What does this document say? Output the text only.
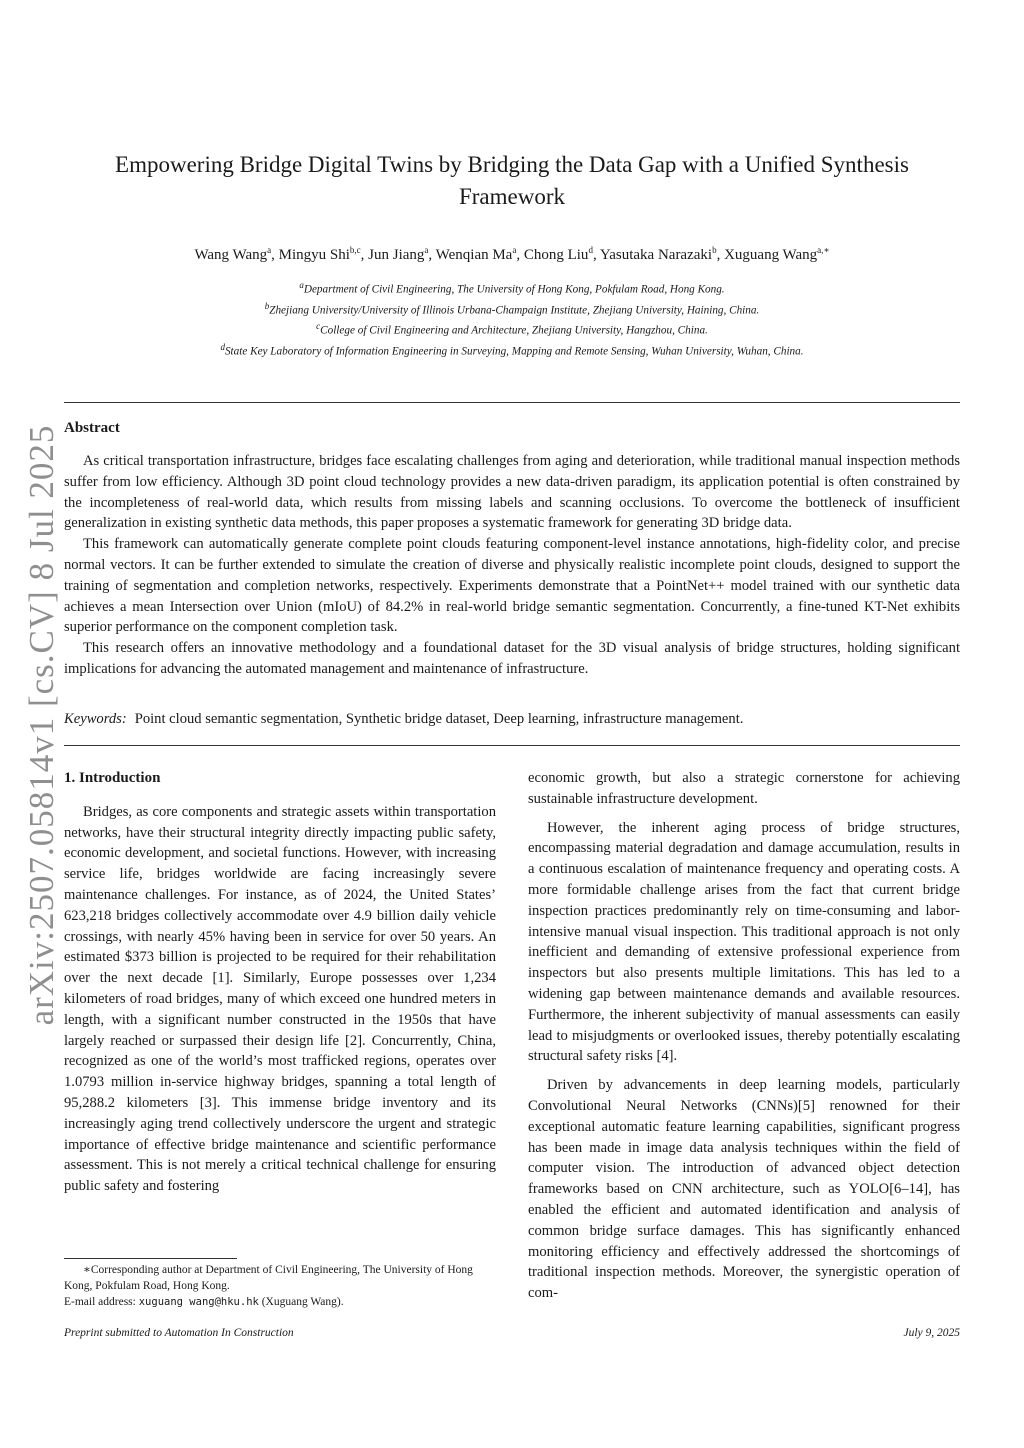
arXiv:2507.05814v1 [cs.CV] 8 Jul 2025
Empowering Bridge Digital Twins by Bridging the Data Gap with a Unified Synthesis
Framework
Wang Wang$^a$, Mingyu Shi$^{b,c}$, Jun Jiang$^a$, Wenqian Ma$^a$, Chong Liu$^d$, Yasutaka Narazaki$^b$, Xuguang Wang$^{a,∗}$
$^a$Department of Civil Engineering, The University of Hong Kong, Pokfulam Road, Hong Kong.
$^b$Zhejiang University/University of Illinois Urbana-Champaign Institute, Zhejiang University, Haining, China.
$^c$College of Civil Engineering and Architecture, Zhejiang University, Hangzhou, China.
$^d$State Key Laboratory of Information Engineering in Surveying, Mapping and Remote Sensing, Wuhan University, Wuhan, China.
Abstract

As critical transportation infrastructure, bridges face escalating challenges from aging and deterioration, while traditional manual inspection methods suffer from low efficiency. Although 3D point cloud technology provides a new data-driven paradigm, its application potential is often constrained by the incompleteness of real-world data, which results from missing labels and scanning occlusions. To overcome the bottleneck of insufficient generalization in existing synthetic data methods, this paper proposes a systematic framework for generating 3D bridge data.

This framework can automatically generate complete point clouds featuring component-level instance annotations, high-fidelity color, and precise normal vectors. It can be further extended to simulate the creation of diverse and physically realistic incomplete point clouds, designed to support the training of segmentation and completion networks, respectively. Experiments demonstrate that a PointNet++ model trained with our synthetic data achieves a mean Intersection over Union (mIoU) of 84.2% in real-world bridge semantic segmentation. Concurrently, a fine-tuned KT-Net exhibits superior performance on the component completion task.

This research offers an innovative methodology and a foundational dataset for the 3D visual analysis of bridge structures, holding significant implications for advancing the automated management and maintenance of infrastructure.

Keywords: Point cloud semantic segmentation, Synthetic bridge dataset, Deep learning, infrastructure management.
1. Introduction

Bridges, as core components and strategic assets within transportation networks, have their structural integrity directly impacting public safety, economic development, and societal functions. However, with increasing service life, bridges worldwide are facing increasingly severe maintenance challenges. For instance, as of 2024, the United States’ 623,218 bridges collectively accommodate over 4.9 billion daily vehicle crossings, with nearly 45% having been in service for over 50 years. An estimated $373 billion is projected to be required for their rehabilitation over the next decade [1]. Similarly, Europe possesses over 1,234 kilometers of road bridges, many of which exceed one hundred meters in length, with a significant number constructed in the 1950s that have largely reached or surpassed their design life [2]. Concurrently, China, recognized as one of the world’s most trafficked regions, operates over 1.0793 million in-service highway bridges, spanning a total length of 95,288.2 kilometers [3]. This immense bridge inventory and its increasingly aging trend collectively underscore the urgent and strategic importance of effective bridge maintenance and scientific performance assessment. This is not merely a critical technical challenge for ensuring public safety and fostering

economic growth, but also a strategic cornerstone for achieving sustainable infrastructure development.

However, the inherent aging process of bridge structures, encompassing material degradation and damage accumulation, results in a continuous escalation of maintenance frequency and operating costs. A more formidable challenge arises from the fact that current bridge inspection practices predominantly rely on time-consuming and labor-intensive manual visual inspection. This traditional approach is not only inefficient and demanding of extensive professional experience from inspectors but also presents multiple limitations. This has led to a widening gap between maintenance demands and available resources. Furthermore, the inherent subjectivity of manual assessments can easily lead to misjudgments or overlooked issues, thereby potentially escalating structural safety risks [4].

Driven by advancements in deep learning models, particularly Convolutional Neural Networks (CNNs)[5] renowned for their exceptional automatic feature learning capabilities, significant progress has been made in image data analysis techniques within the field of computer vision. The introduction of advanced object detection frameworks based on CNN architecture, such as YOLO[6–14], has enabled the efficient and automated identification and analysis of common bridge surface damages. This has significantly enhanced monitoring efficiency and effectively addressed the shortcomings of traditional inspection methods. Moreover, the synergistic operation of com-

∗Corresponding author at Department of Civil Engineering, The University of Hong Kong, Pokfulam Road, Hong Kong.
E-mail address: xuguang wang@hku.hk (Xuguang Wang).
Preprint submitted to Automation In Construction	July 9, 2025
